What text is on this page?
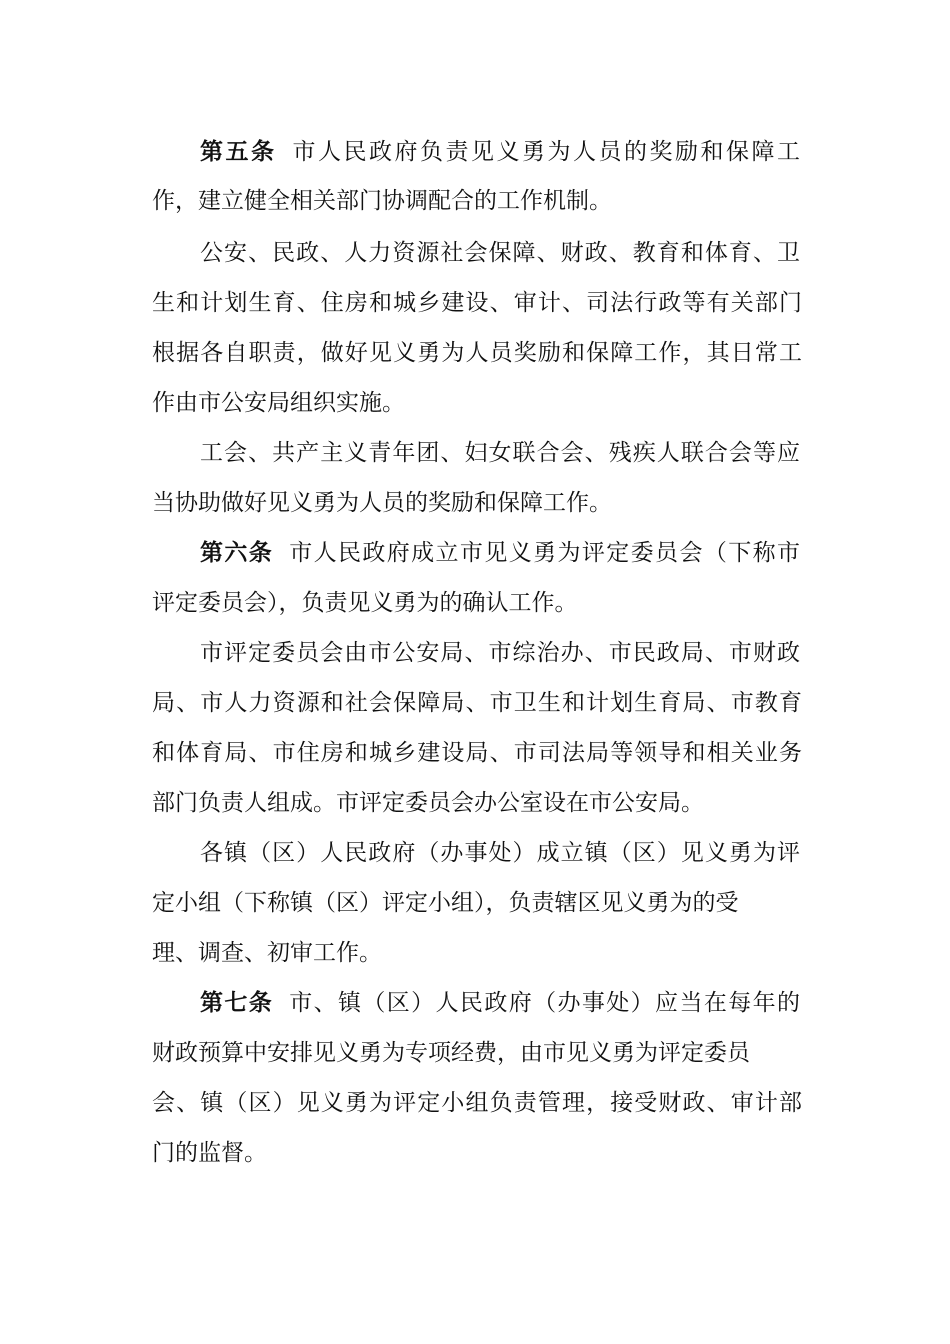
第五条 市人民政府负责见义勇为人员的奖励和保障工
作，建立健全相关部门协调配合的工作机制。
公安、民政、人力资源社会保障、财政、教育和体育、卫
生和计划生育、住房和城乡建设、审计、司法行政等有关部门
根据各自职责，做好见义勇为人员奖励和保障工作，其日常工
作由市公安局组织实施。
工会、共产主义青年团、妇女联合会、残疾人联合会等应
当协助做好见义勇为人员的奖励和保障工作。
第六条 市人民政府成立市见义勇为评定委员会（下称市
评定委员会），负责见义勇为的确认工作。
市评定委员会由市公安局、市综治办、市民政局、市财政
局、市人力资源和社会保障局、市卫生和计划生育局、市教育
和体育局、市住房和城乡建设局、市司法局等领导和相关业务
部门负责人组成。市评定委员会办公室设在市公安局。
各镇（区）人民政府（办事处）成立镇（区）见义勇为评
定小组（下称镇（区）评定小组），负责辖区见义勇为的受
理、调查、初审工作。
第七条 市、镇（区）人民政府（办事处）应当在每年的
财政预算中安排见义勇为专项经费，由市见义勇为评定委员
会、镇（区）见义勇为评定小组负责管理，接受财政、审计部
门的监督。
